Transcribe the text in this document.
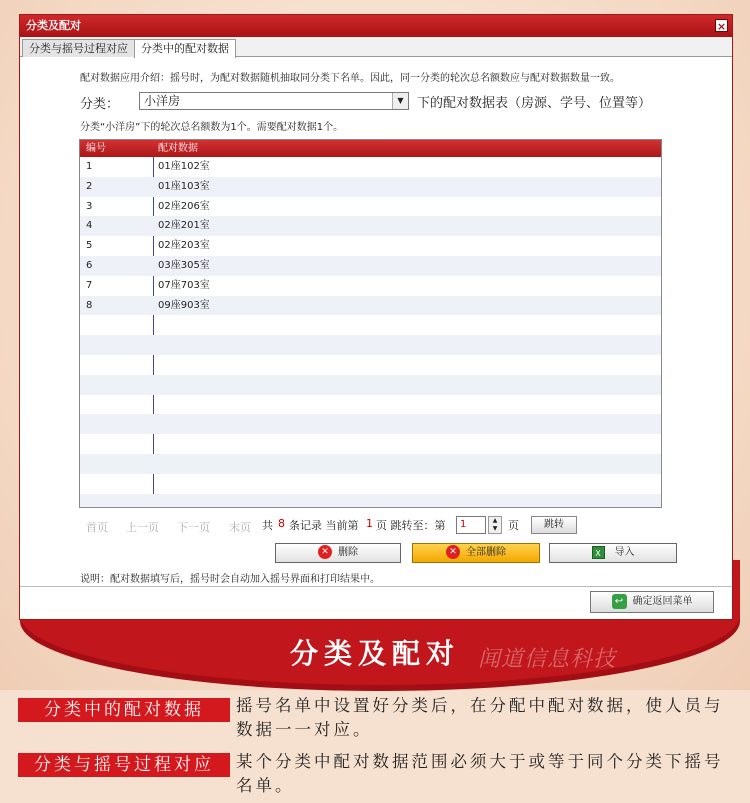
分类及配对 闻道信息科技
分类及配对	×
分类与摇号过程对应	分类中的配对数据
配对数据应用介绍：摇号时，为配对数据随机抽取同分类下名单。因此，同一分类的轮次总名额数应与配对数据数量一致。
分类：	小洋房	▼	下的配对数据表（房源、学号、位置等）
分类“小洋房”下的轮次总名额数为1个。需要配对数据1个。
编号	配对数据
1	01座102室
2	01座103室
3	02座206室
4	02座201室
5	02座203室
6	03座305室
7	07座703室
8	09座903室
首页 上一页 下一页 末页 共 8 条记录 当前第 1 页 跳转至：第	1	▲
▼ 页	跳转
✕ 删除	✕ 全部删除	X 导入
说明：配对数据填写后，摇号时会自动加入摇号界面和打印结果中。
↩ 确定返回菜单
分类中的配对数据	摇号名单中设置好分类后，在分配中配对数据，使人员与数据一一对应。
分类与摇号过程对应	某个分类中配对数据范围必须大于或等于同个分类下摇号名单。
